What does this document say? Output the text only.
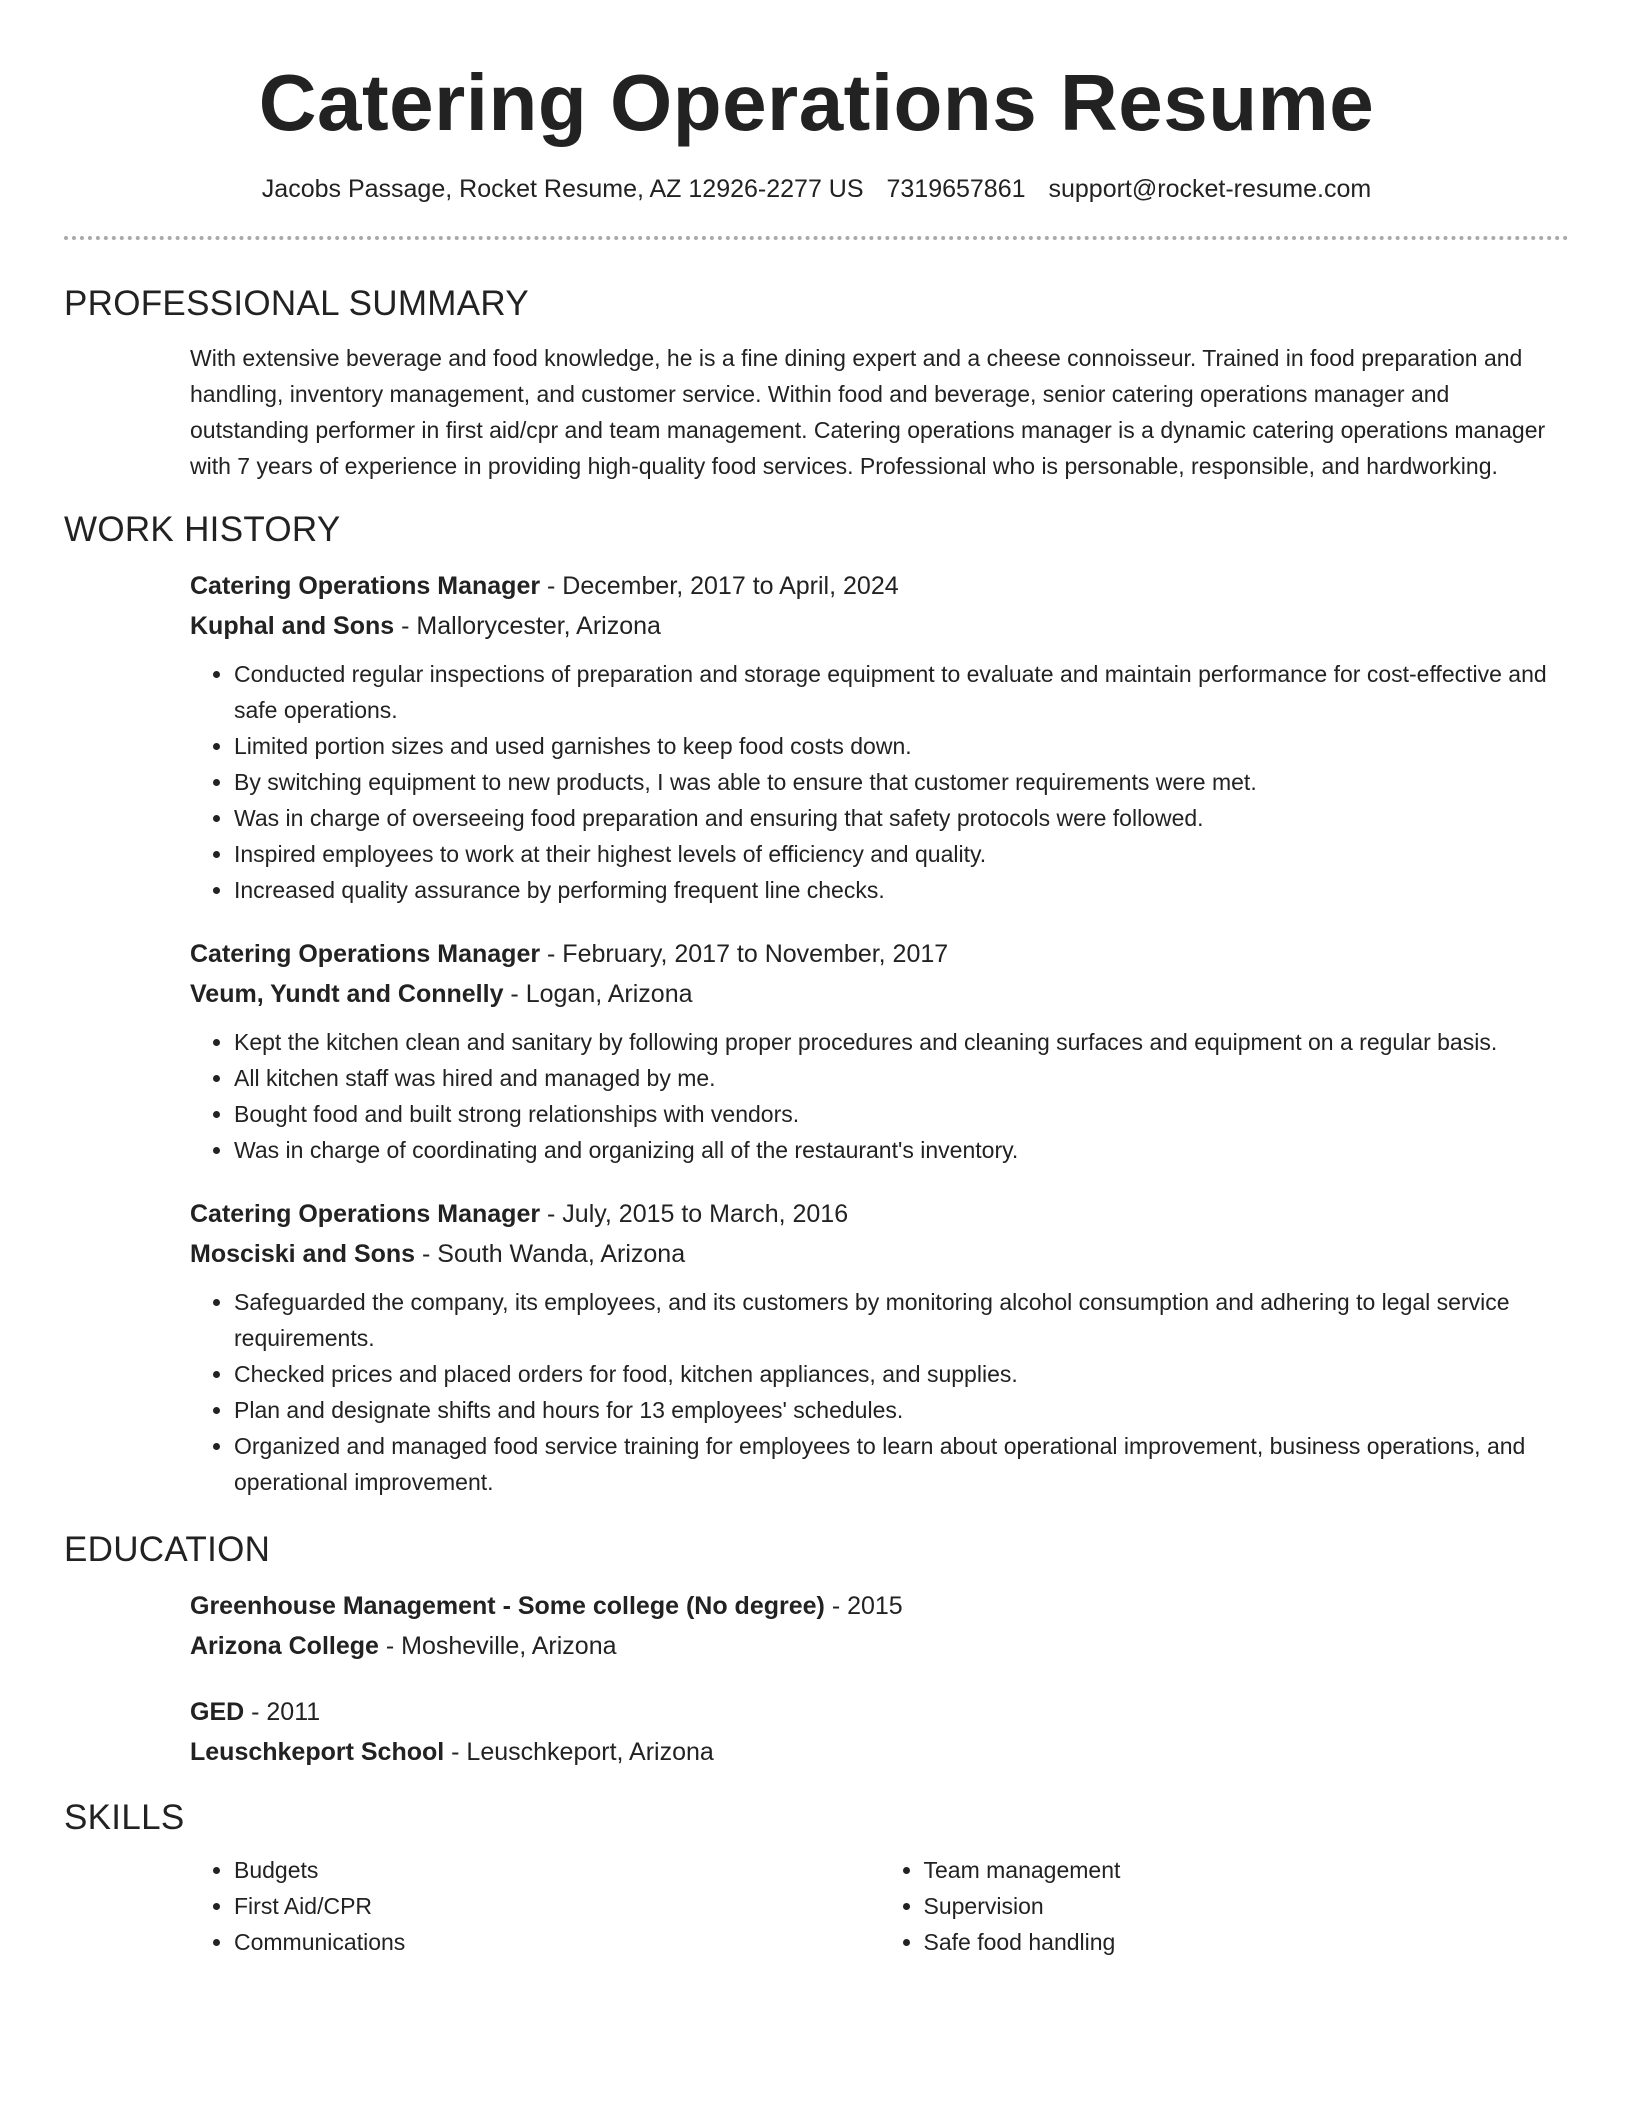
Catering Operations Resume
Jacobs Passage, Rocket Resume, AZ 12926-2277 US 7319657861 support@rocket-resume.com
PROFESSIONAL SUMMARY

With extensive beverage and food knowledge, he is a fine dining expert and a cheese connoisseur. Trained in food preparation and handling, inventory management, and customer service. Within food and beverage, senior catering operations manager and outstanding performer in first aid/cpr and team management. Catering operations manager is a dynamic catering operations manager with 7 years of experience in providing high-quality food services. Professional who is personable, responsible, and hardworking.

WORK HISTORY

Catering Operations Manager - December, 2017 to April, 2024

Kuphal and Sons - Mallorycester, Arizona

• Conducted regular inspections of preparation and storage equipment to evaluate and maintain performance for cost-effective and safe operations.
• Limited portion sizes and used garnishes to keep food costs down.
• By switching equipment to new products, I was able to ensure that customer requirements were met.
• Was in charge of overseeing food preparation and ensuring that safety protocols were followed.
• Inspired employees to work at their highest levels of efficiency and quality.
• Increased quality assurance by performing frequent line checks.

Catering Operations Manager - February, 2017 to November, 2017

Veum, Yundt and Connelly - Logan, Arizona

• Kept the kitchen clean and sanitary by following proper procedures and cleaning surfaces and equipment on a regular basis.
• All kitchen staff was hired and managed by me.
• Bought food and built strong relationships with vendors.
• Was in charge of coordinating and organizing all of the restaurant's inventory.

Catering Operations Manager - July, 2015 to March, 2016

Mosciski and Sons - South Wanda, Arizona

• Safeguarded the company, its employees, and its customers by monitoring alcohol consumption and adhering to legal service requirements.
• Checked prices and placed orders for food, kitchen appliances, and supplies.
• Plan and designate shifts and hours for 13 employees' schedules.
• Organized and managed food service training for employees to learn about operational improvement, business operations, and operational improvement.
EDUCATION

Greenhouse Management - Some college (No degree) - 2015

Arizona College - Mosheville, Arizona

GED - 2011

Leuschkeport School - Leuschkeport, Arizona

SKILLS
• Budgets
• First Aid/CPR
• Communications
• Team management
• Supervision
• Safe food handling
